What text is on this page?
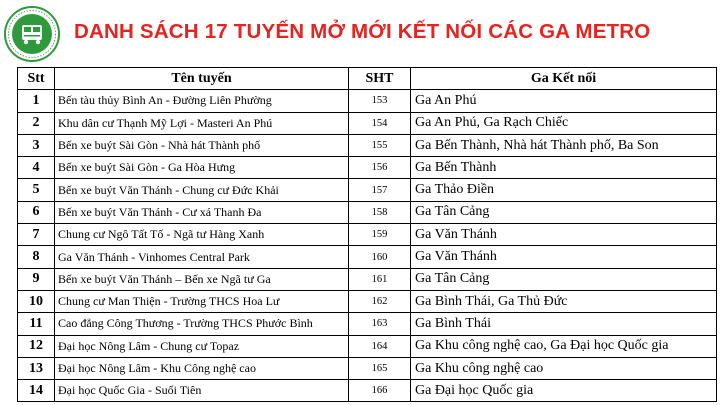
DANH SÁCH 17 TUYẾN MỞ MỚI KẾT NỐI CÁC GA METRO
Stt	Tên tuyến	SHT	Ga Kết nối
1	Bến tàu thủy Bình An - Đường Liên Phường	153	Ga An Phú
2	Khu dân cư Thạnh Mỹ Lợi - Masteri An Phú	154	Ga An Phú, Ga Rạch Chiếc
3	Bến xe buýt Sài Gòn - Nhà hát Thành phố	155	Ga Bến Thành, Nhà hát Thành phố, Ba Son
4	Bến xe buýt Sài Gòn - Ga Hòa Hưng	156	Ga Bến Thành
5	Bến xe buýt Văn Thánh - Chung cư Đức Khải	157	Ga Thảo Điền
6	Bến xe buýt Văn Thánh - Cư xá Thanh Đa	158	Ga Tân Cảng
7	Chung cư Ngô Tất Tố - Ngã tư Hàng Xanh	159	Ga Văn Thánh
8	Ga Văn Thánh - Vinhomes Central Park	160	Ga Văn Thánh
9	Bến xe buýt Văn Thánh – Bến xe Ngã tư Ga	161	Ga Tân Cảng
10	Chung cư Man Thiện - Trường THCS Hoa Lư	162	Ga Bình Thái, Ga Thủ Đức
11	Cao đẳng Công Thương - Trường THCS Phước Bình	163	Ga Bình Thái
12	Đại học Nông Lâm - Chung cư Topaz	164	Ga Khu công nghệ cao, Ga Đại học Quốc gia
13	Đại học Nông Lâm - Khu Công nghệ cao	165	Ga Khu công nghệ cao
14	Đại học Quốc Gia - Suối Tiên	166	Ga Đại học Quốc gia
